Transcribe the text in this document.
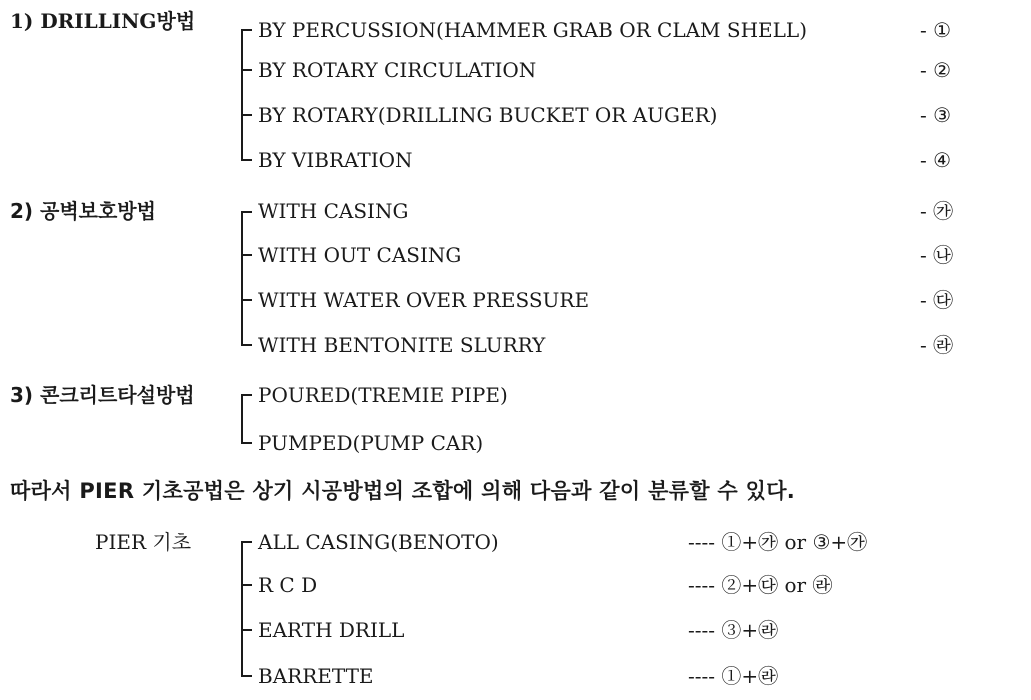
1) DRILLING방법	BY PERCUSSION(HAMMER GRAB OR CLAM SHELL)	- ①
BY ROTARY CIRCULATION	- ②
BY ROTARY(DRILLING BUCKET OR AUGER)	- ③
BY VIBRATION	- ④
2) 공벽보호방법	WITH CASING	- ㉮
WITH OUT CASING	- ㉯
WITH WATER OVER PRESSURE	- ㉰
WITH BENTONITE SLURRY	- ㉱
3) 콘크리트타설방법	POURED(TREMIE PIPE)
PUMPED(PUMP CAR)
따라서 PIER 기초공법은 상기 시공방법의 조합에 의해 다음과 같이 분류할 수 있다.
PIER 기초	ALL CASING(BENOTO)	---- ①+㉮ or ③+㉮
R C D	---- ②+㉰ or ㉱
EARTH DRILL	---- ③+㉱
BARRETTE	---- ①+㉱
